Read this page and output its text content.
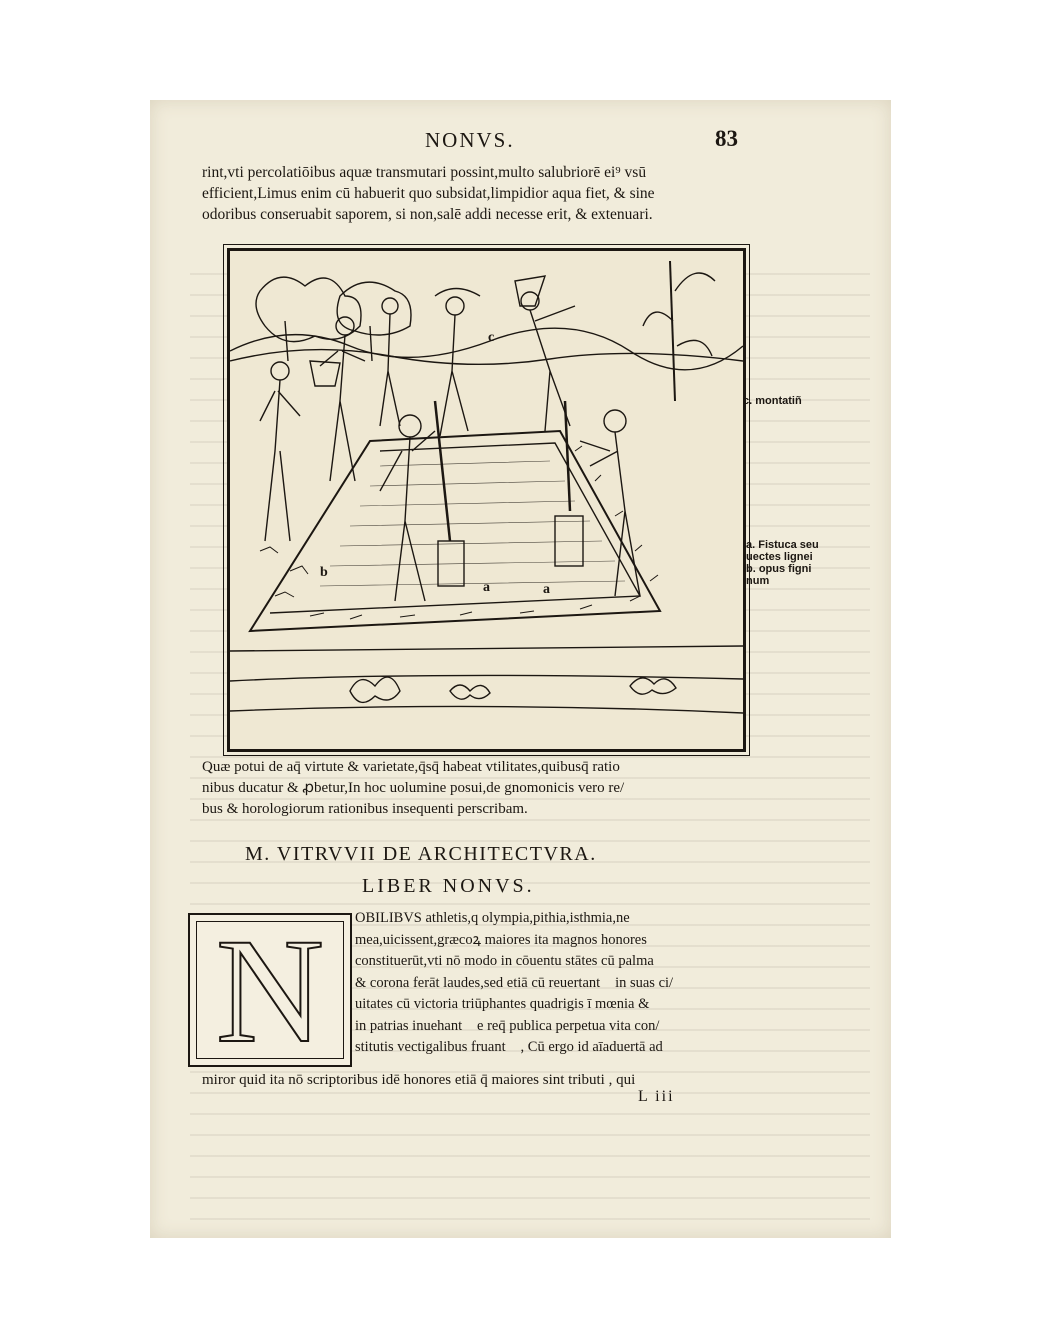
NONVS.	83
rint,vti percolatiōibus aquæ transmutari possint,multo salubriorē ei⁹ vsū
efficient,Limus enim cū habuerit quo subsidat,limpidior aqua fiet, & sine
odoribus conseruabit saporem, si non,salē addi necesse erit, & extenuari.
c
b
a	a
c. montatiñ
a. Fistuca seu
uectes lignei
b. opus figni
num
Quæ potui de aq̄ virtute & varietate,q̄sq̄ habeat vtilitates,quibusq̄ ratio
nibus ducatur & ꝓbetur,In hoc uolumine posui,de gnomonicis vero re/
bus & horologiorum rationibus insequenti perscribam.
M. VITRVVII DE ARCHITECTVRA.
LIBER NONVS.
N	OBILIBVS athletis,q olympia,pithia,isthmia,ne
mea,uicissent,græcoꝝ maiores ita magnos honores
constituerūt,vti nō modo in cōuentu stātes cū palma
& corona ferāt laudes,sed etiā cū reuertantᷣ in suas ci/
uitates cū victoria triūphantes quadrigis ī mœnia &
in patrias inuehantᷣ e req̄ publica perpetua vita con/
stitutis vectigalibus fruantᷣ , Cū ergo id aīaduertā ad
miror quid ita nō scriptoribus idē honores etiā q̄ maiores sint tributi , qui
L iii
